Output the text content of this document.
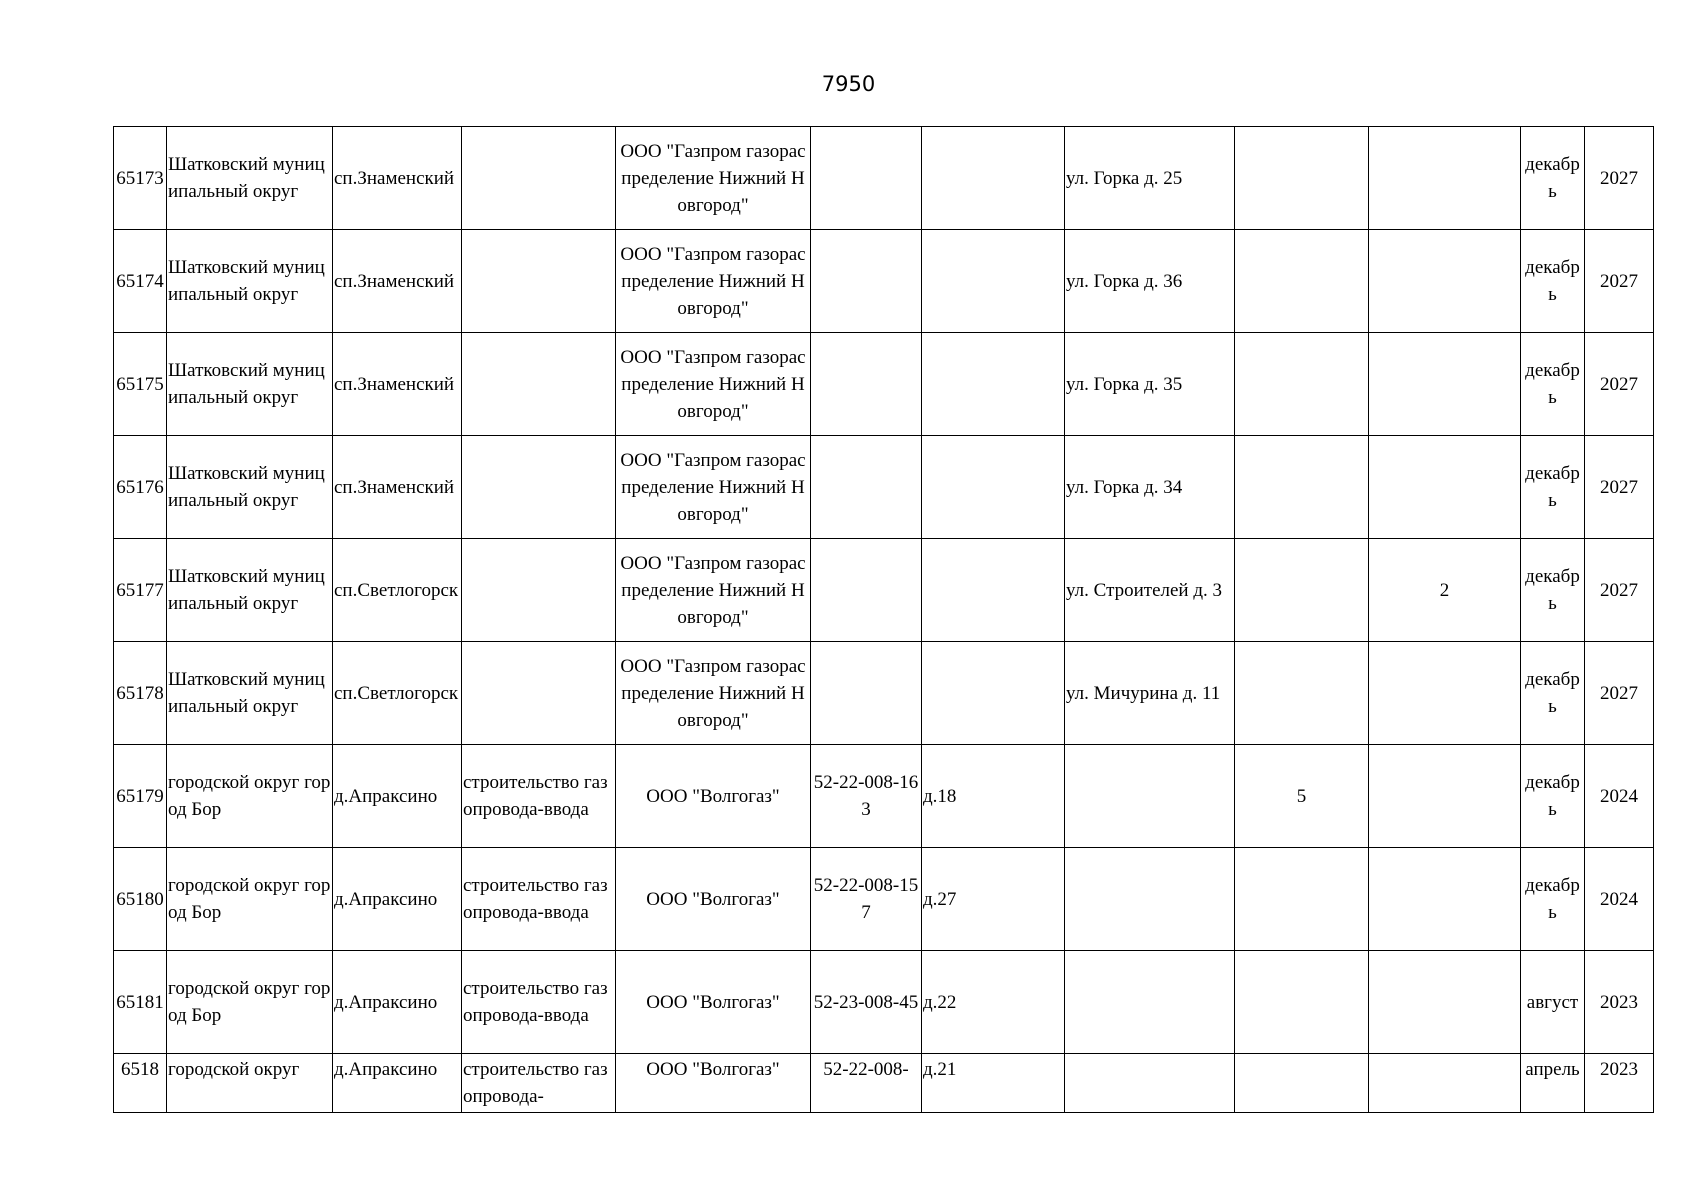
7950
65173	Шатковский муниципальный округ	сп.Знаменский		ООО "Газпром газораспределение Нижний Новгород"			ул. Горка д. 25			декабрь	2027
65174	Шатковский муниципальный округ	сп.Знаменский		ООО "Газпром газораспределение Нижний Новгород"			ул. Горка д. 36			декабрь	2027
65175	Шатковский муниципальный округ	сп.Знаменский		ООО "Газпром газораспределение Нижний Новгород"			ул. Горка д. 35			декабрь	2027
65176	Шатковский муниципальный округ	сп.Знаменский		ООО "Газпром газораспределение Нижний Новгород"			ул. Горка д. 34			декабрь	2027
65177	Шатковский муниципальный округ	сп.Светлогорск		ООО "Газпром газораспределение Нижний Новгород"			ул. Строителей д. 3		2	декабрь	2027
65178	Шатковский муниципальный округ	сп.Светлогорск		ООО "Газпром газораспределение Нижний Новгород"			ул. Мичурина д. 11			декабрь	2027
65179	городской округ город Бор	д.Апраксино	строительство газопровода-ввода	ООО "Волгогаз"	52-22-008-163	д.18		5		декабрь	2024
65180	городской округ город Бор	д.Апраксино	строительство газопровода-ввода	ООО "Волгогаз"	52-22-008-157	д.27				декабрь	2024
65181	городской округ город Бор	д.Апраксино	строительство газопровода-ввода	ООО "Волгогаз"	52-23-008-45	д.22				август	2023
6518	городской округ	д.Апраксино	строительство газопровода-	ООО "Волгогаз"	52-22-008-	д.21				апрель	2023
